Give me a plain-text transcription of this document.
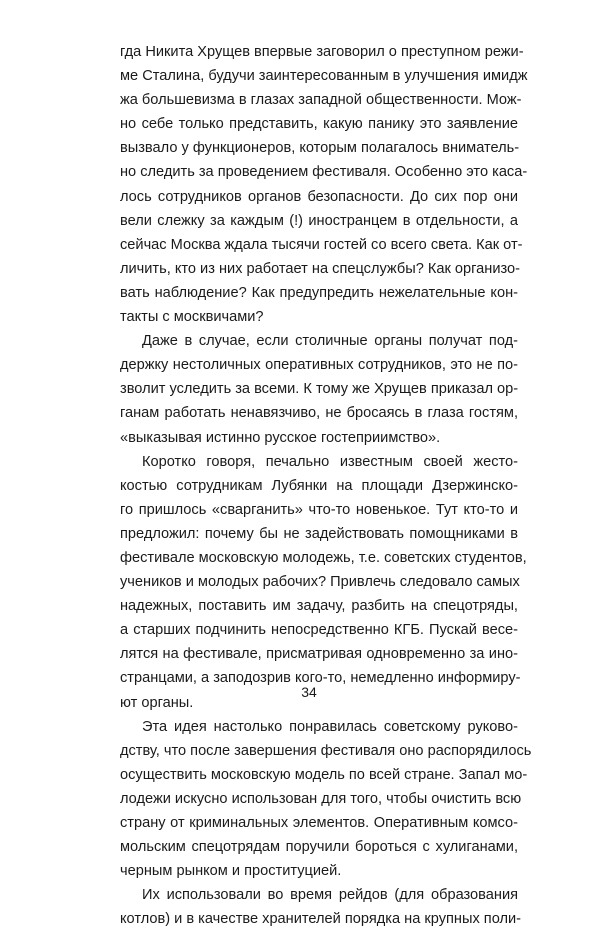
гда Никита Хрущев впервые заговорил о преступном режи-
ме Сталина, будучи заинтересованным в улучшения имидж
жа большевизма в глазах западной общественности. Мож-
но себе только представить, какую панику это заявление
вызвало у функционеров, которым полагалось вниматель-
но следить за проведением фестиваля. Особенно это каса-
лось сотрудников органов безопасности. До сих пор они
вели слежку за каждым (!) иностранцем в отдельности, а
сейчас Москва ждала тысячи гостей со всего света. Как от-
личить, кто из них работает на спецслужбы? Как организо-
вать наблюдение? Как предупредить нежелательные кон-
такты с москвичами?
Даже в случае, если столичные органы получат под-
держку нестоличных оперативных сотрудников, это не по-
зволит уследить за всеми. К тому же Хрущев приказал ор-
ганам работать ненавязчиво, не бросаясь в глаза гостям,
«выказывая истинно русское гостеприимство».
Коротко говоря, печально известным своей жесто-
костью сотрудникам Лубянки на площади Дзержинско-
го пришлось «сварганить» что-то новенькое. Тут кто-то и
предложил: почему бы не задействовать помощниками в
фестивале московскую молодежь, т.е. советских студентов,
учеников и молодых рабочих? Привлечь следовало самых
надежных, поставить им задачу, разбить на спецотряды,
а старших подчинить непосредственно КГБ. Пускай весе-
лятся на фестивале, присматривая одновременно за ино-
странцами, а заподозрив кого-то, немедленно информиру-
ют органы.
Эта идея настолько понравилась советскому руково-
дству, что после завершения фестиваля оно распорядилось
осуществить московскую модель по всей стране. Запал мо-
лодежи искусно использован для того, чтобы очистить всю
страну от криминальных элементов. Оперативным комсо-
мольским спецотрядам поручили бороться с хулиганами,
черным рынком и проституцией.
Их использовали во время рейдов (для образования
котлов) и в качестве хранителей порядка на крупных поли-
34
